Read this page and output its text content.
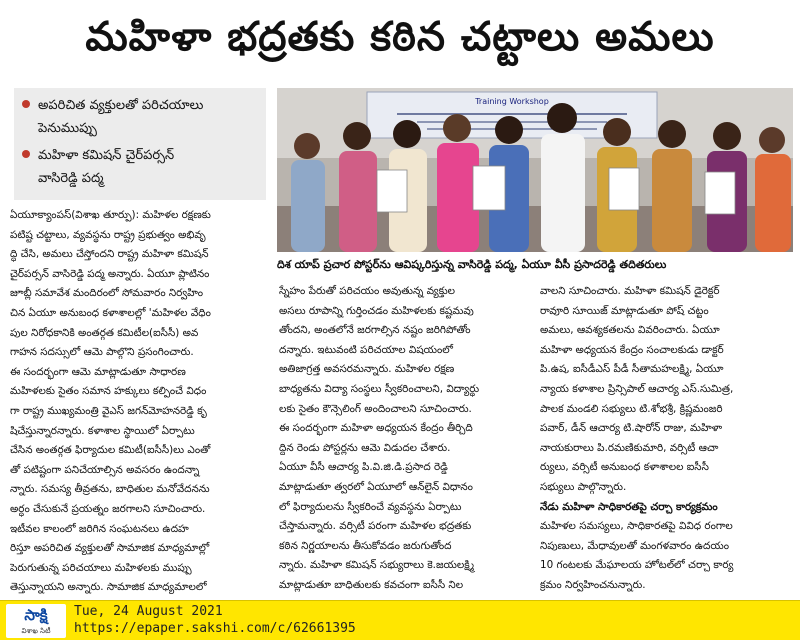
మహిళా భద్రతకు కఠిన చట్టాలు అమలు
అపరిచిత వ్యక్తులతో పరిచయాలు
పెనుముప్పు
మహిళా కమిషన్ చైర్‌పర్సన్
వాసిరెడ్డి పద్మ
Training Workshop
దిశ యాప్ ప్రచార పోస్టర్‌ను ఆవిష్కరిస్తున్న వాసిరెడ్డి పద్మ, ఏయూ వీసీ ప్రసాదరెడ్డి తదితరులు

ఏయూక్యాంపస్(విశాఖ తూర్పు): మహిళల రక్షణకు

పటిష్ట చట్టాలు, వ్యవస్థను రాష్ట్ర ప్రభుత్వం అభివృ

ద్ధి చేసి, అమలు చేస్తోందని రాష్ట్ర మహిళా కమిషన్

చైర్‌పర్సన్ వాసిరెడ్డి పద్మ అన్నారు. ఏయూ ప్లాటినం

జూబ్లీ సమావేశ మందిరంలో సోమవారం నిర్వహిం

చిన ఏయూ అనుబంధ కళాశాలల్లో 'మహిళల వేధిం

పుల నిరోధకానికి అంతర్గత కమిటీల(ఐసీసీ) అవ

గాహన సదస్సులో ఆమె పాల్గొని ప్రసంగించారు.

ఈ సందర్భంగా ఆమె మాట్లాడుతూ సాధారణ

మహిళలకు సైతం సమాన హక్కులు కల్పించే విధం

గా రాష్ట్ర ముఖ్యమంత్రి వైఎస్ జగన్‌మోహనరెడ్డి కృ

షిచేస్తున్నారన్నారు. కళాశాల స్థాయిలో ఏర్పాటు

చేసిన అంతర్గత ఫిర్యాదుల కమిటీ(ఐసీసీ)లు ఎంతో

తో పటిష్టంగా పనిచేయాల్సిన అవసరం ఉందన్నా

న్నారు. సమస్య తీవ్రతను, బాధితుల మనోవేదనను

అర్ధం చేసుకునే ప్రయత్నం జరగాలని సూచించారు.

ఇటీవల కాలంలో జరిగిన సంఘటనలు ఉదహ

రిస్తూ అపరిచిత వ్యక్తులతో సామాజిక మాధ్యమాల్లో

పెరుగుతున్న పరిచయాలు మహిళలకు ముప్పు

తెస్తున్నాయని అన్నారు. సామాజిక మాధ్యమాలలో

స్నేహం పేరుతో పరిచయం అవుతున్న వ్యక్తుల

అసలు రూపాన్ని గుర్తించడం మహిళలకు కష్టమవు

తోందని, అంతలోనే జరగాల్సిన నష్టం జరిగిపోతోం

దన్నారు. ఇటువంటి పరిచయాల విషయంలో

అతిజాగ్రత్త అవసరమన్నారు. మహిళల రక్షణ

బాధ్యతను విద్యా సంస్థలు స్వీకరించాలని, విద్యార్థు

లకు సైతం కౌన్సెలింగ్ అందించాలని సూచించారు.

ఈ సందర్భంగా మహిళా అధ్యయన కేంద్రం తీర్చిది

ద్దిన రెండు పోస్టర్లను ఆమె విడుదల చేశారు.

ఏయూ వీసీ ఆచార్య పి.వి.జి.డి.ప్రసాద రెడ్డి

మాట్లాడుతూ త్వరలో ఏయూలో ఆన్‌లైన్ విధానం

లో ఫిర్యాదులను స్వీకరించే వ్యవస్థను ఏర్పాటు

చేస్తామన్నారు. వర్సిటీ పరంగా మహిళల భద్రతకు

కఠిన నిర్ణయాలను తీసుకోవడం జరుగుతోంద

న్నారు. మహిళా కమిషన్ సభ్యురాలు కె.జయలక్ష్మి

మాట్లాడుతూ బాధితులకు కవచంగా ఐసీసీ నిల

వాలని సూచించారు. మహిళా కమిషన్ డైరెక్టర్

రావూరి సూయిజ్ మాట్లాడుతూ పోష్ చట్టం

అమలు, ఆవశ్యకతలను వివరించారు. ఏయూ

మహిళా అధ్యయన కేంద్రం సంచాలకుడు డాక్టర్

పి.ఉష, ఐసీడీఎస్ పీడీ సీతామహలక్ష్మి, ఏయూ

న్యాయ కళాశాల ప్రిన్సిపాల్ ఆచార్య ఎస్.సుమిత్ర,

పాలక మండలి సభ్యులు టి.శోభశ్రీ, క్రిష్ణమంజరి

పవార్, డీన్ ఆచార్య టి.షారోన్ రాజు, మహిళా

నాయకురాలు పి.రమణికుమారి, వర్సిటీ ఆచా

ర్యులు, వర్సిటీ అనుబంధ కళాశాలల ఐసీసీ

సభ్యులు పాల్గొన్నారు.

నేడు మహిళా సాధికారతపై చర్చా కార్యక్రమం

మహిళల సమస్యలు, సాధికారతపై వివిధ రంగాల

నిపుణులు, మేధావులతో మంగళవారం ఉదయం

10 గంటలకు మేఘాలయ హోటల్‌లో చర్చా కార్య

క్రమం నిర్వహించనున్నారు.

సాక్షి
విశాఖ సిటీ
Tue, 24 August 2021
https://epaper.sakshi.com/c/62661395
